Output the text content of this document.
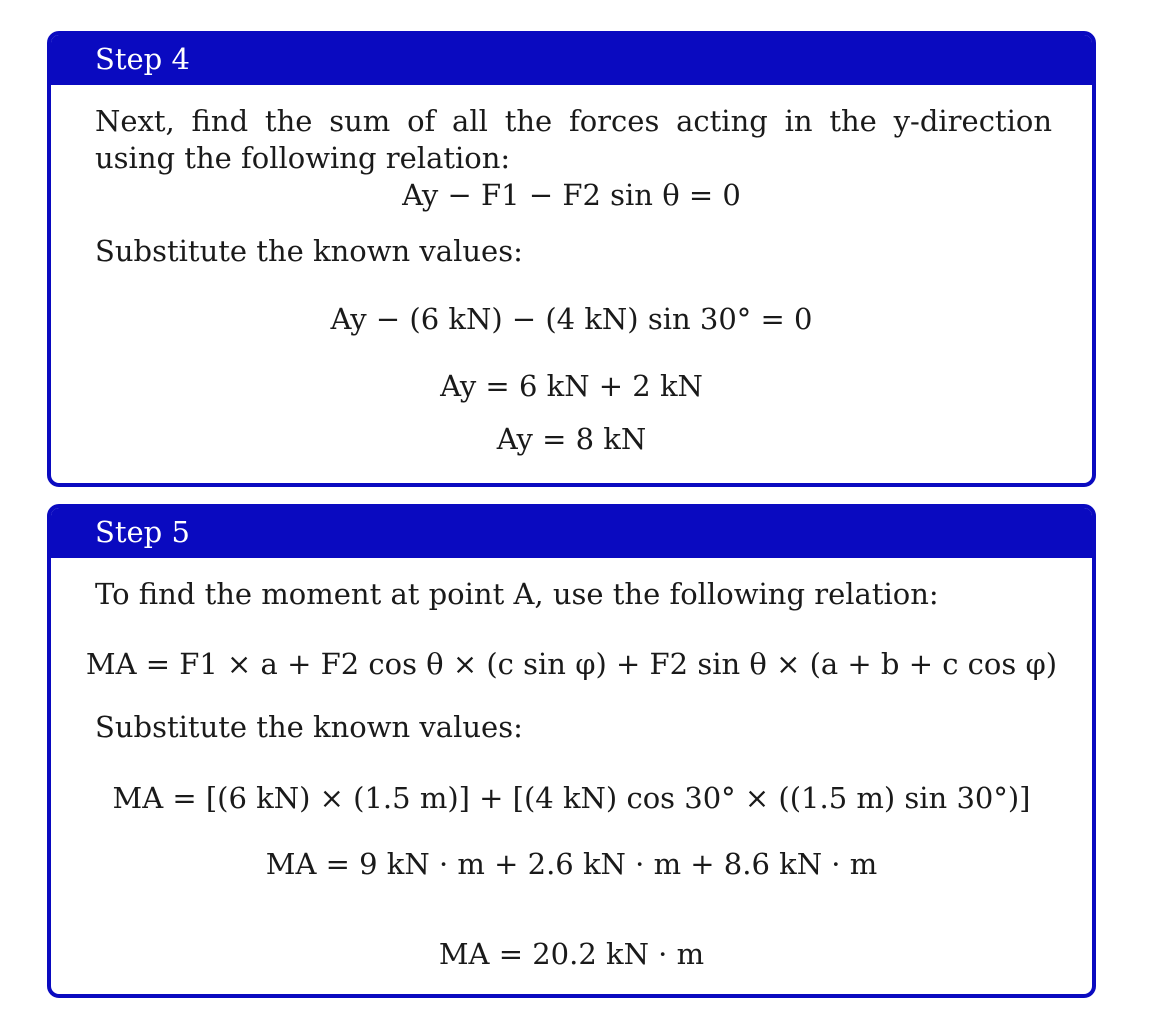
Step 4

Next, find the sum of all the forces acting in the y-direction using the following relation:

Ay − F1 − F2 sin θ = 0

Substitute the known values:

Ay − (6 kN) − (4 kN) sin 30° = 0

Ay = 6 kN + 2 kN

Ay = 8 kN

Step 5

To find the moment at point A, use the following relation:

MA = F1 × a + F2 cos θ × (c sin φ) + F2 sin θ × (a + b + c cos φ)

Substitute the known values:

MA = [(6 kN) × (1.5 m)] + [(4 kN) cos 30° × ((1.5 m) sin 30°)]

MA = 9 kN · m + 2.6 kN · m + 8.6 kN · m

MA = 20.2 kN · m
